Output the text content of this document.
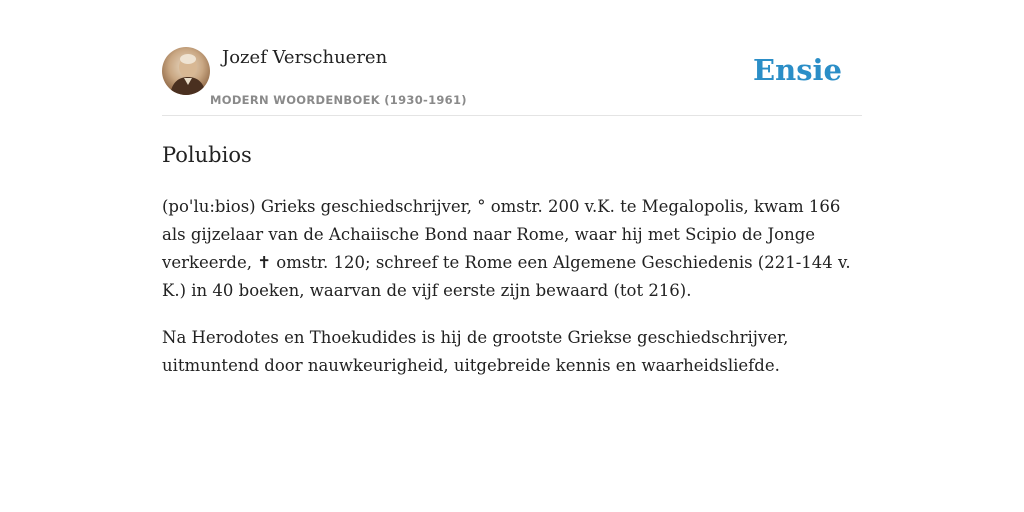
Jozef Verschueren
MODERN WOORDENBOEK (1930-1961)
Ensie
Polubios

(po'lu:bios) Grieks geschiedschrijver, ° omstr. 200 v.K. te Megalopolis, kwam 166 als gijzelaar van de Achaiische Bond naar Rome, waar hij met Scipio de Jonge verkeerde, ✝ omstr. 120; schreef te Rome een Algemene Geschiedenis (221-144 v. K.) in 40 boeken, waarvan de vijf eerste zijn bewaard (tot 216).

Na Herodotes en Thoekudides is hij de grootste Griekse geschiedschrijver, uitmuntend door nauwkeurigheid, uitgebreide kennis en waarheidsliefde.
